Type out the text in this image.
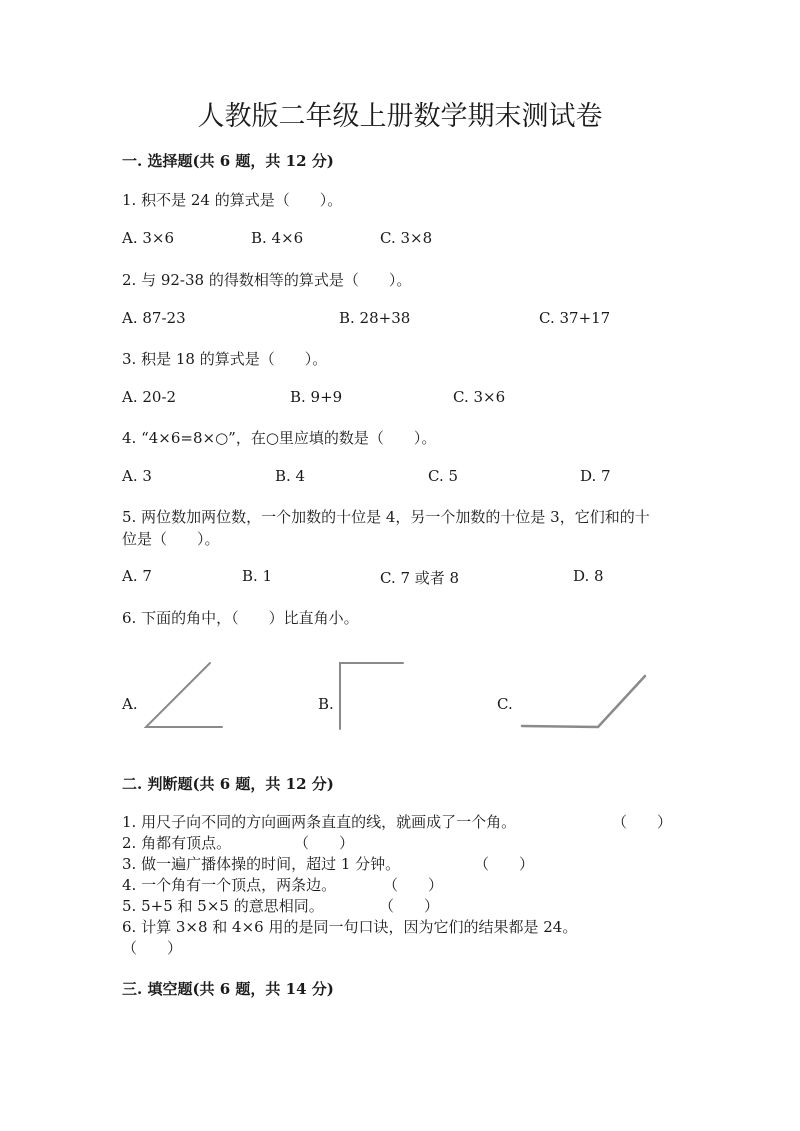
人教版二年级上册数学期末测试卷
一. 选择题(共 6 题，共 12 分)
1. 积不是 24 的算式是（　　）。
A. 3×6	B. 4×6	C. 3×8
2. 与 92-38 的得数相等的算式是（　　）。
A. 87-23	B. 28+38	C. 37+17
3. 积是 18 的算式是（　　）。
A. 20-2	B. 9+9	C. 3×6
4. “4×6=8×○”，在○里应填的数是（　　）。
A. 3	B. 4	C. 5	D. 7
5. 两位数加两位数，一个加数的十位是 4，另一个加数的十位是 3，它们和的十
位是（　　）。
A. 7	B. 1	C. 7 或者 8	D. 8
6. 下面的角中，（　　）比直角小。
A.	B.	C.
二. 判断题(共 6 题，共 12 分)
1. 用尺子向不同的方向画两条直直的线，就画成了一个角。	（　　）
2. 角都有顶点。	（　　）
3. 做一遍广播体操的时间，超过 1 分钟。	（　　）
4. 一个角有一个顶点，两条边。	（　　）
5. 5+5 和 5×5 的意思相同。	（　　）
6. 计算 3×8 和 4×6 用的是同一句口诀，因为它们的结果都是 24。
（　　）
三. 填空题(共 6 题，共 14 分)
